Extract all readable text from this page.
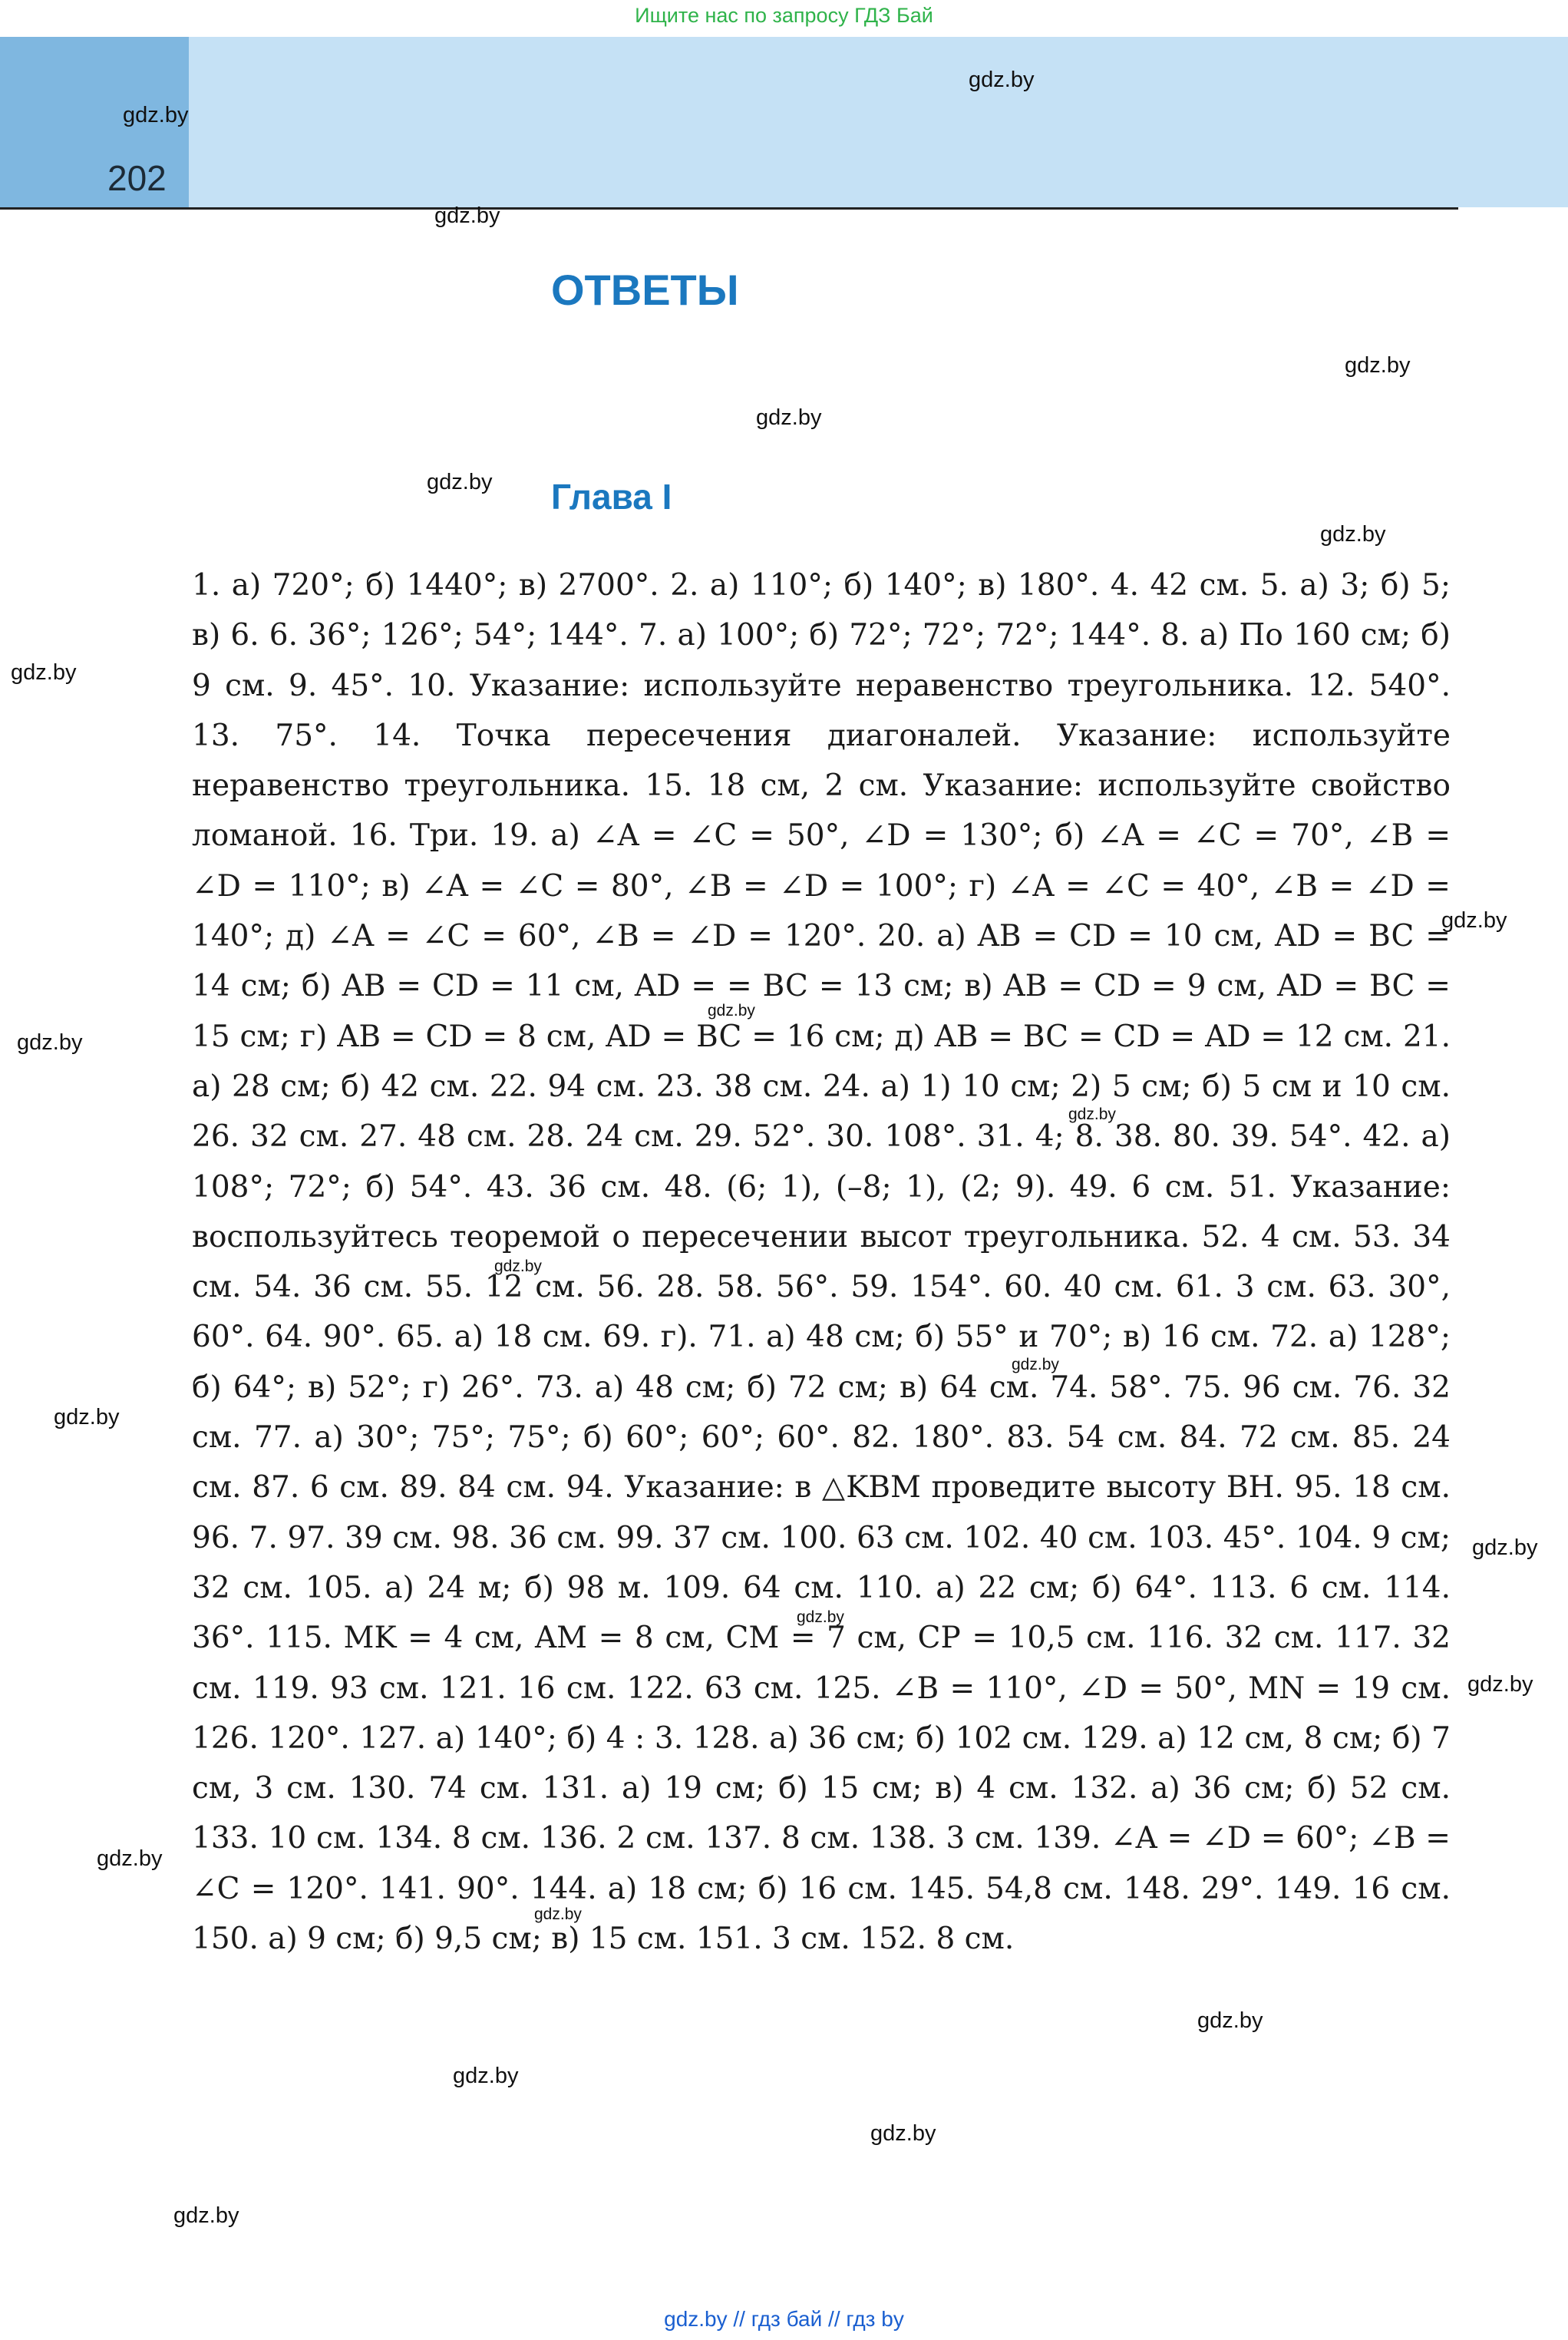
Ищите нас по запросу ГДЗ Бай
202
ОТВЕТЫ
Глава I
1. а) 720°; б) 1440°; в) 2700°. 2. а) 110°; б) 140°; в) 180°. 4. 42 см. 5. а) 3; б) 5; в) 6. 6. 36°; 126°; 54°; 144°. 7. а) 100°; б) 72°; 72°; 72°; 144°. 8. а) По 160 см; б) 9 см. 9. 45°. 10. Указание: используйте неравенство треугольника. 12. 540°. 13. 75°. 14. Точка пересечения диагоналей. Указание: используйте неравенство треугольника. 15. 18 см, 2 см. Указание: используйте свойство ломаной. 16. Три. 19. а) ∠A = ∠C = 50°, ∠D = 130°; б) ∠A = ∠C = 70°, ∠B = ∠D = 110°; в) ∠A = ∠C = 80°, ∠B = ∠D = 100°; г) ∠A = ∠C = 40°, ∠B = ∠D = 140°; д) ∠A = ∠C = 60°, ∠B = ∠D = 120°. 20. а) AB = CD = 10 см, AD = BC = 14 см; б) AB = CD = 11 см, AD = = BC = 13 см; в) AB = CD = 9 см, AD = BC = 15 см; г) AB = CD = 8 см, AD = BC = 16 см; д) AB = BC = CD = AD = 12 см. 21. а) 28 см; б) 42 см. 22. 94 см. 23. 38 см. 24. а) 1) 10 см; 2) 5 см; б) 5 см и 10 см. 26. 32 см. 27. 48 см. 28. 24 см. 29. 52°. 30. 108°. 31. 4; 8. 38. 80. 39. 54°. 42. а) 108°; 72°; б) 54°. 43. 36 см. 48. (6; 1), (–8; 1), (2; 9). 49. 6 см. 51. Указание: воспользуйтесь теоремой о пересечении высот треугольника. 52. 4 см. 53. 34 см. 54. 36 см. 55. 12 см. 56. 28. 58. 56°. 59. 154°. 60. 40 см. 61. 3 см. 63. 30°, 60°. 64. 90°. 65. а) 18 см. 69. г). 71. а) 48 см; б) 55° и 70°; в) 16 см. 72. а) 128°; б) 64°; в) 52°; г) 26°. 73. а) 48 см; б) 72 см; в) 64 см. 74. 58°. 75. 96 см. 76. 32 см. 77. а) 30°; 75°; 75°; б) 60°; 60°; 60°. 82. 180°. 83. 54 см. 84. 72 см. 85. 24 см. 87. 6 см. 89. 84 см. 94. Указание: в △KBM проведите высоту BH. 95. 18 см. 96. 7. 97. 39 см. 98. 36 см. 99. 37 см. 100. 63 см. 102. 40 см. 103. 45°. 104. 9 см; 32 см. 105. а) 24 м; б) 98 м. 109. 64 см. 110. а) 22 см; б) 64°. 113. 6 см. 114. 36°. 115. MK = 4 см, AM = 8 см, CM = 7 см, CP = 10,5 см. 116. 32 см. 117. 32 см. 119. 93 см. 121. 16 см. 122. 63 см. 125. ∠B = 110°, ∠D = 50°, MN = 19 см. 126. 120°. 127. а) 140°; б) 4 : 3. 128. а) 36 см; б) 102 см. 129. а) 12 см, 8 см; б) 7 см, 3 см. 130. 74 см. 131. а) 19 см; б) 15 см; в) 4 см. 132. а) 36 см; б) 52 см. 133. 10 см. 134. 8 см. 136. 2 см. 137. 8 см. 138. 3 см. 139. ∠A = ∠D = 60°; ∠B = ∠C = 120°. 141. 90°. 144. а) 18 см; б) 16 см. 145. 54,8 см. 148. 29°. 149. 16 см. 150. а) 9 см; б) 9,5 см; в) 15 см. 151. 3 см. 152. 8 см.
gdz.by
gdz.by
gdz.by
gdz.by
gdz.by
gdz.by
gdz.by
gdz.by
gdz.by
gdz.by
gdz.by
gdz.by
gdz.by
gdz.by
gdz.by
gdz.by
gdz.by
gdz.by
gdz.by
gdz.by
gdz.by
gdz.by
gdz.by
gdz.by
gdz.by // гдз бай // гдз by
